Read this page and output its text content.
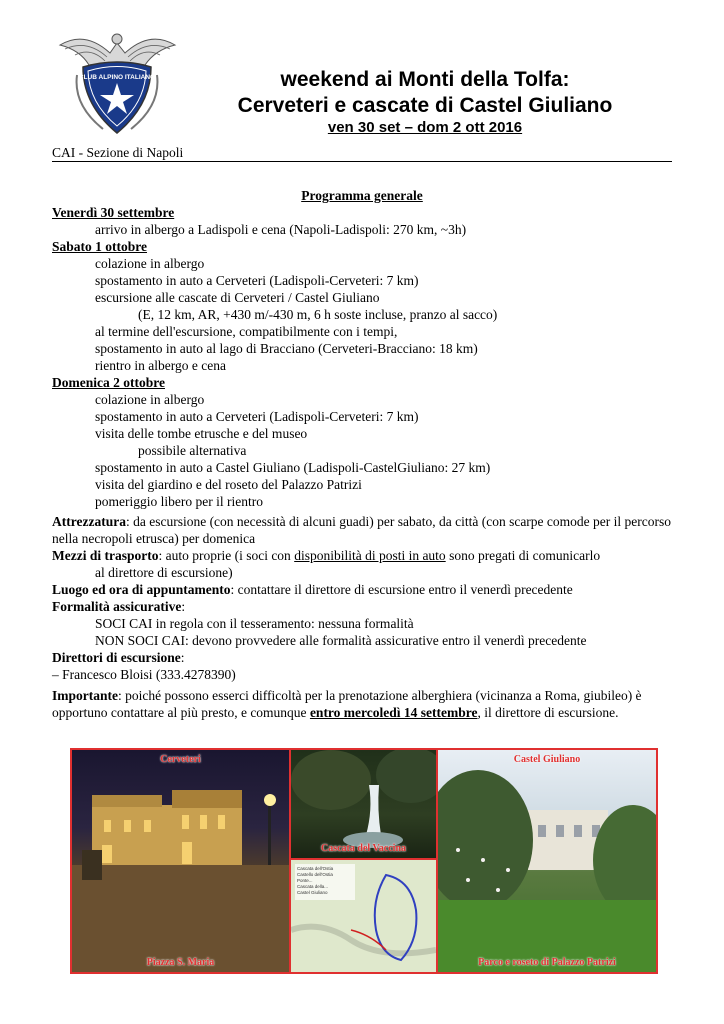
CLUB ALPINO ITALIANO	weekend ai Monti della Tolfa:
Cerveteri e cascate di Castel Giuliano
ven 30 set – dom 2 ott 2016
CAI - Sezione di Napoli
Programma generale
Venerdì 30 settembre
arrivo in albergo a Ladispoli e cena (Napoli-Ladispoli: 270 km, ~3h)
Sabato 1 ottobre
colazione in albergo
spostamento in auto a Cerveteri (Ladispoli-Cerveteri: 7 km)
escursione alle cascate di Cerveteri / Castel Giuliano
(E, 12 km, AR, +430 m/-430 m, 6 h soste incluse, pranzo al sacco)
al termine dell'escursione, compatibilmente con i tempi,
spostamento in auto al lago di Bracciano (Cerveteri-Bracciano: 18 km)
rientro in albergo e cena
Domenica 2 ottobre
colazione in albergo
spostamento in auto a Cerveteri (Ladispoli-Cerveteri: 7 km)
visita delle tombe etrusche e del museo
possibile alternativa
spostamento in auto a Castel Giuliano (Ladispoli-CastelGiuliano: 27 km)
visita del giardino e del roseto del Palazzo Patrizi
pomeriggio libero per il rientro
Attrezzatura: da escursione (con necessità di alcuni guadi) per sabato, da città (con scarpe comode per il percorso nella necropoli etrusca) per domenica
Mezzi di trasporto: auto proprie (i soci con disponibilità di posti in auto sono pregati di comunicarlo
al direttore di escursione)
Luogo ed ora di appuntamento: contattare il direttore di escursione entro il venerdì precedente
Formalità assicurative:
SOCI CAI in regola con il tesseramento: nessuna formalità
NON SOCI CAI: devono provvedere alle formalità assicurative entro il venerdì precedente
Direttori di escursione:
– Francesco Bloisi (333.4278390)
Importante: poiché possono esserci difficoltà per la prenotazione alberghiera (vicinanza a Roma, giubileo) è opportuno contattare al più presto, e comunque entro mercoledì 14 settembre, il direttore di escursione.
Cerveteri
Piazza S. Maria
Cascata del Vaccina
Cascata dell'Ostia
Castello dell'Ostia
Ponte...
Cascata della...
Castel Giuliano
Castel Giuliano
Parco e roseto di Palazzo Patrizi
